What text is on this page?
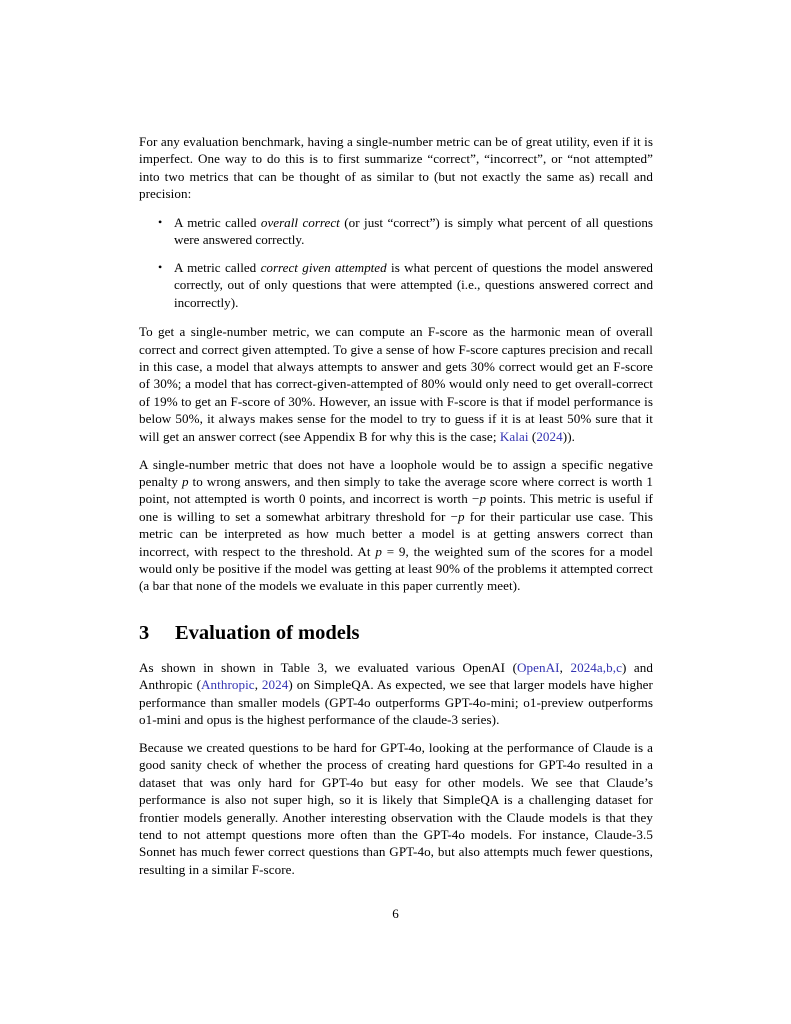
For any evaluation benchmark, having a single-number metric can be of great utility, even if it is imperfect. One way to do this is to first summarize “correct”, “incorrect”, or “not attempted” into two metrics that can be thought of as similar to (but not exactly the same as) recall and precision:

• A metric called overall correct (or just “correct”) is simply what percent of all questions were answered correctly.
• A metric called correct given attempted is what percent of questions the model answered correctly, out of only questions that were attempted (i.e., questions answered correct and incorrectly).

To get a single-number metric, we can compute an F-score as the harmonic mean of overall correct and correct given attempted. To give a sense of how F-score captures precision and recall in this case, a model that always attempts to answer and gets 30% correct would get an F-score of 30%; a model that has correct-given-attempted of 80% would only need to get overall-correct of 19% to get an F-score of 30%. However, an issue with F-score is that if model performance is below 50%, it always makes sense for the model to try to guess if it is at least 50% sure that it will get an answer correct (see Appendix B for why this is the case; Kalai (2024)).

A single-number metric that does not have a loophole would be to assign a specific negative penalty p to wrong answers, and then simply to take the average score where correct is worth 1 point, not attempted is worth 0 points, and incorrect is worth −p points. This metric is useful if one is willing to set a somewhat arbitrary threshold for −p for their particular use case. This metric can be interpreted as how much better a model is at getting answers correct than incorrect, with respect to the threshold. At p = 9, the weighted sum of the scores for a model would only be positive if the model was getting at least 90% of the problems it attempted correct (a bar that none of the models we evaluate in this paper currently meet).

3	Evaluation of models

As shown in shown in Table 3, we evaluated various OpenAI (OpenAI, 2024a,b,c) and Anthropic (Anthropic, 2024) on SimpleQA. As expected, we see that larger models have higher performance than smaller models (GPT-4o outperforms GPT-4o-mini; o1-preview outperforms o1-mini and opus is the highest performance of the claude-3 series).

Because we created questions to be hard for GPT-4o, looking at the performance of Claude is a good sanity check of whether the process of creating hard questions for GPT-4o resulted in a dataset that was only hard for GPT-4o but easy for other models. We see that Claude’s performance is also not super high, so it is likely that SimpleQA is a challenging dataset for frontier models generally. Another interesting observation with the Claude models is that they tend to not attempt questions more often than the GPT-4o models. For instance, Claude-3.5 Sonnet has much fewer correct questions than GPT-4o, but also attempts much fewer questions, resulting in a similar F-score.

6
